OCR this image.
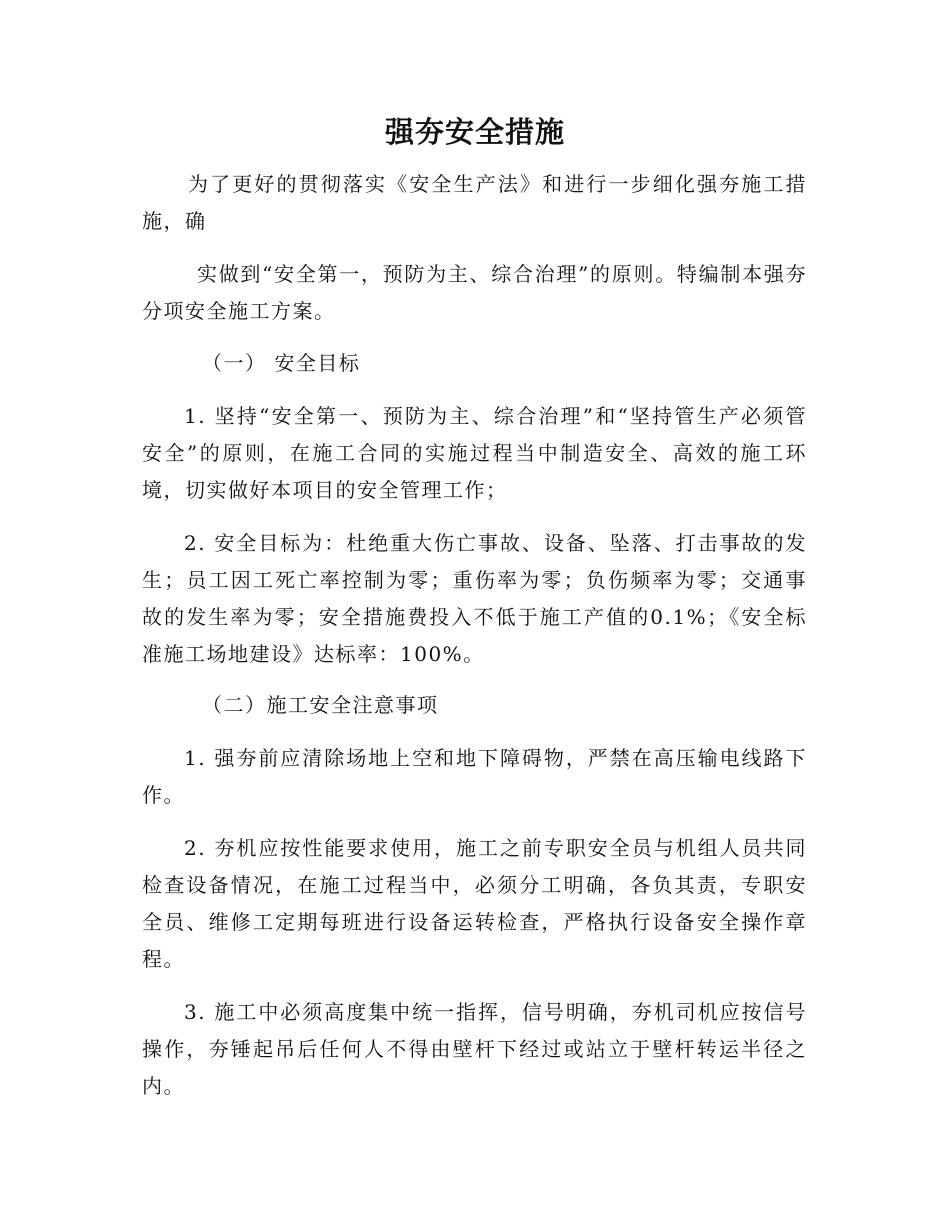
强夯安全措施

为了更好的贯彻落实《安全生产法》和进行一步细化强夯施工措施，确

实做到“安全第一，预防为主、综合治理”的原则。特编制本强夯分项安全施工方案。

（一） 安全目标

1. 坚持“安全第一、预防为主、综合治理”和“坚持管生产必须管安全”的原则，在施工合同的实施过程当中制造安全、高效的施工环境，切实做好本项目的安全管理工作；

2. 安全目标为：杜绝重大伤亡事故、设备、坠落、打击事故的发生；员工因工死亡率控制为零；重伤率为零；负伤频率为零；交通事故的发生率为零；安全措施费投入不低于施工产值的0.1%；《安全标准施工场地建设》达标率：100%。

（二）施工安全注意事项

1. 强夯前应清除场地上空和地下障碍物，严禁在高压输电线路下作。

2. 夯机应按性能要求使用，施工之前专职安全员与机组人员共同检查设备情况，在施工过程当中，必须分工明确，各负其责，专职安全员、维修工定期每班进行设备运转检查，严格执行设备安全操作章程。

3. 施工中必须高度集中统一指挥，信号明确，夯机司机应按信号操作，夯锤起吊后任何人不得由壁杆下经过或站立于壁杆转运半径之内。
